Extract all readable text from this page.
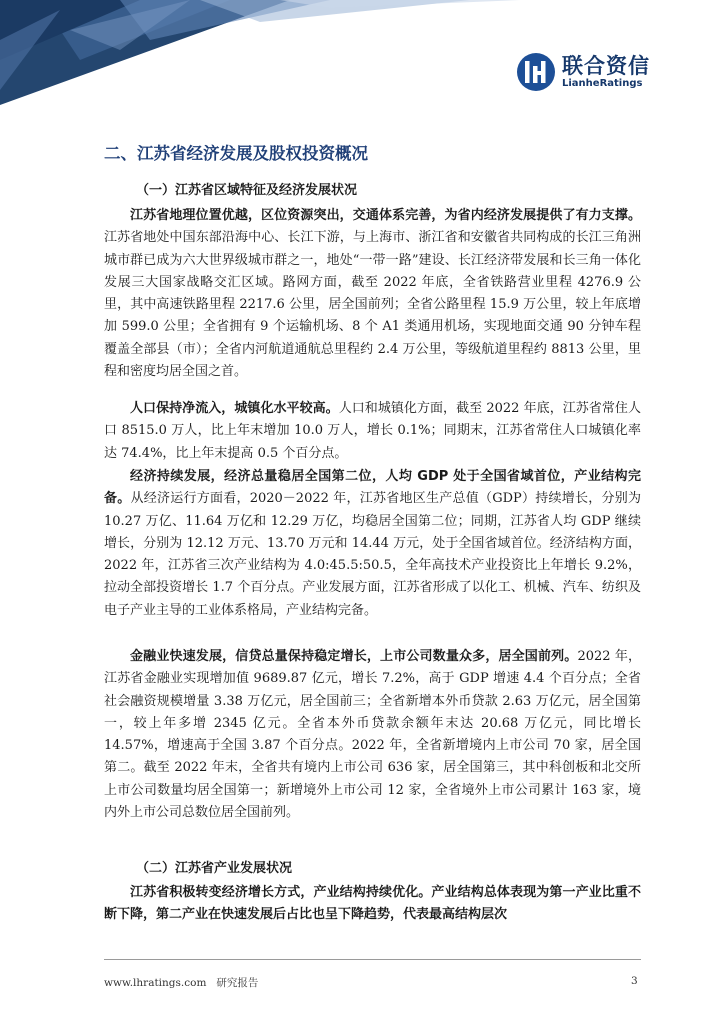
联合资信
LianheRatings
二、江苏省经济发展及股权投资概况
（一）江苏省区域特征及经济发展状况
江苏省地理位置优越，区位资源突出，交通体系完善，为省内经济发展提供了有力支撑。江苏省地处中国东部沿海中心、长江下游，与上海市、浙江省和安徽省共同构成的长江三角洲城市群已成为六大世界级城市群之一，地处“一带一路”建设、长江经济带发展和长三角一体化发展三大国家战略交汇区域。路网方面，截至 2022 年底，全省铁路营业里程 4276.9 公里，其中高速铁路里程 2217.6 公里，居全国前列；全省公路里程 15.9 万公里，较上年底增加 599.0 公里；全省拥有 9 个运输机场、8 个 A1 类通用机场，实现地面交通 90 分钟车程覆盖全部县（市）；全省内河航道通航总里程约 2.4 万公里，等级航道里程约 8813 公里，里程和密度均居全国之首。
人口保持净流入，城镇化水平较高。人口和城镇化方面，截至 2022 年底，江苏省常住人口 8515.0 万人，比上年末增加 10.0 万人，增长 0.1%；同期末，江苏省常住人口城镇化率达 74.4%，比上年末提高 0.5 个百分点。
经济持续发展，经济总量稳居全国第二位，人均 GDP 处于全国省域首位，产业结构完备。从经济运行方面看，2020－2022 年，江苏省地区生产总值（GDP）持续增长，分别为 10.27 万亿、11.64 万亿和 12.29 万亿，均稳居全国第二位；同期，江苏省人均 GDP 继续增长，分别为 12.12 万元、13.70 万元和 14.44 万元，处于全国省域首位。经济结构方面，2022 年，江苏省三次产业结构为 4.0:45.5:50.5，全年高技术产业投资比上年增长 9.2%，拉动全部投资增长 1.7 个百分点。产业发展方面，江苏省形成了以化工、机械、汽车、纺织及电子产业主导的工业体系格局，产业结构完备。
金融业快速发展，信贷总量保持稳定增长，上市公司数量众多，居全国前列。2022 年，江苏省金融业实现增加值 9689.87 亿元，增长 7.2%，高于 GDP 增速 4.4 个百分点；全省社会融资规模增量 3.38 万亿元，居全国前三；全省新增本外币贷款 2.63 万亿元，居全国第一，较上年多增 2345 亿元。全省本外币贷款余额年末达 20.68 万亿元，同比增长 14.57%，增速高于全国 3.87 个百分点。2022 年，全省新增境内上市公司 70 家，居全国第二。截至 2022 年末，全省共有境内上市公司 636 家，居全国第三，其中科创板和北交所上市公司数量均居全国第一；新增境外上市公司 12 家，全省境外上市公司累计 163 家，境内外上市公司总数位居全国前列。
（二）江苏省产业发展状况
江苏省积极转变经济增长方式，产业结构持续优化。产业结构总体表现为第一产业比重不断下降，第二产业在快速发展后占比也呈下降趋势，代表最高结构层次
www.lhratings.com 研究报告	3
